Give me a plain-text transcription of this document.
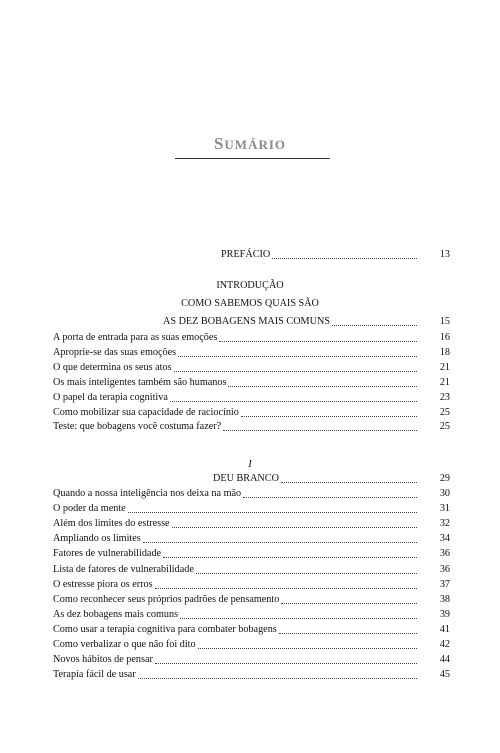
SUMÁRIO
PREFÁCIO	13
INTRODUÇÃO
COMO SABEMOS QUAIS SÃO
AS DEZ BOBAGENS MAIS COMUNS	15
A porta de entrada para as suas emoções	16
Aproprie-se das suas emoções	18
O que determina os seus atos	21
Os mais inteligentes também são humanos	21
O papel da terapia cognitiva	23
Como mobilizar sua capacidade de raciocínio	25
Teste: que bobagens você costuma fazer?	25
I
DEU BRANCO	29
Quando a nossa inteligência nos deixa na mão	30
O poder da mente	31
Além dos limites do estresse	32
Ampliando os limites	34
Fatores de vulnerabilidade	36
Lista de fatores de vulnerabilidade	36
O estresse piora os erros	37
Como reconhecer seus próprios padrões de pensamento	38
As dez bobagens mais comuns	39
Como usar a terapia cognitiva para combater bobagens	41
Como verbalizar o que não foi dito	42
Novos hábitos de pensar	44
Terapia fácil de usar	45
